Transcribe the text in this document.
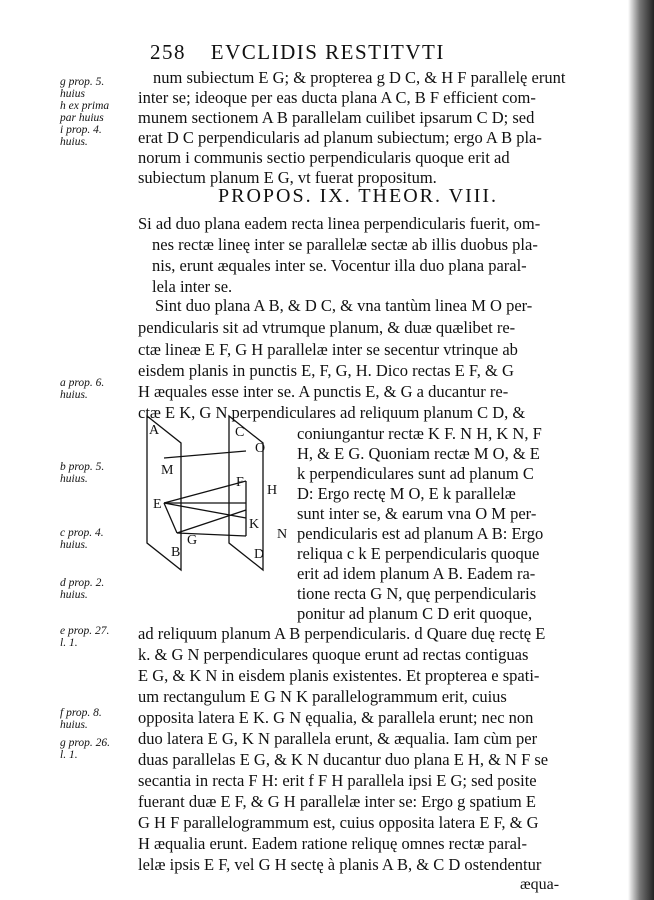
258 EVCLIDIS RESTITVTI
g prop. 5.
huius
h ex prima
par huius
i prop. 4.
huius.
num subiectum E G; & propterea g D C, & H F parallelę erunt
inter se; ideoque per eas ducta plana A C, B F efficient com-
munem sectionem A B parallelam cuilibet ipsarum C D; sed
erat D C perpendicularis ad planum subiectum; ergo A B pla-
norum i communis sectio perpendicularis quoque erit ad
subiectum planum E G, vt fuerat propositum.
PROPOS. IX. THEOR. VIII.
Si ad duo plana eadem recta linea perpendicularis fuerit, om-
nes rectæ lineę inter se parallelæ sectæ ab illis duobus pla-
nis, erunt æquales inter se. Vocentur illa duo plana paral-
lela inter se.
Sint duo plana A B, & D C, & vna tantùm linea M O per-
pendicularis sit ad vtrumque planum, & duæ quælibet re-
ctæ lineæ E F, G H parallelæ inter se secentur vtrinque ab
eisdem planis in punctis E, F, G, H. Dico rectas E F, & G
H æquales esse inter se. A punctis E, & G a ducantur re-
ctæ E K, G N perpendiculares ad reliquum planum C D, &
coniungantur rectæ K F. N H, K N, F
H, & E G. Quoniam rectæ M O, & E
k perpendiculares sunt ad planum C
D: Ergo rectę M O, E k parallelæ
sunt inter se, & earum vna O M per-
pendicularis est ad planum A B: Ergo
reliqua c k E perpendicularis quoque
erit ad idem planum A B. Eadem ra-
tione recta G N, quę perpendicularis
ponitur ad planum C D erit quoque,
ad reliquum planum A B perpendicularis. d Quare duę rectę E
k. & G N perpendiculares quoque erunt ad rectas contiguas
E G, & K N in eisdem planis existentes. Et propterea e spati-
um rectangulum E G N K parallelogrammum erit, cuius
opposita latera E K. G N ęqualia, & parallela erunt; nec non
duo latera E G, K N parallela erunt, & æqualia. Iam cùm per
duas parallelas E G, & K N ducantur duo plana E H, & N F se
secantia in recta F H: erit f F H parallela ipsi E G; sed posite
fuerant duæ E F, & G H parallelæ inter se: Ergo g spatium E
G H F parallelogrammum est, cuius opposita latera E F, & G
H æqualia erunt. Eadem ratione reliquę omnes rectæ paral-
lelæ ipsis E F, vel G H sectę à planis A B, & C D ostendentur
æqua-
a prop. 6.
huius.
b prop. 5.
huius.
c prop. 4.
huius.
d prop. 2.
huius.
e prop. 27.
l. 1.
f prop. 8.
huius.
g prop. 26.
l. 1.
A
M
E
B
G
C
O
F
H
K
N
D
